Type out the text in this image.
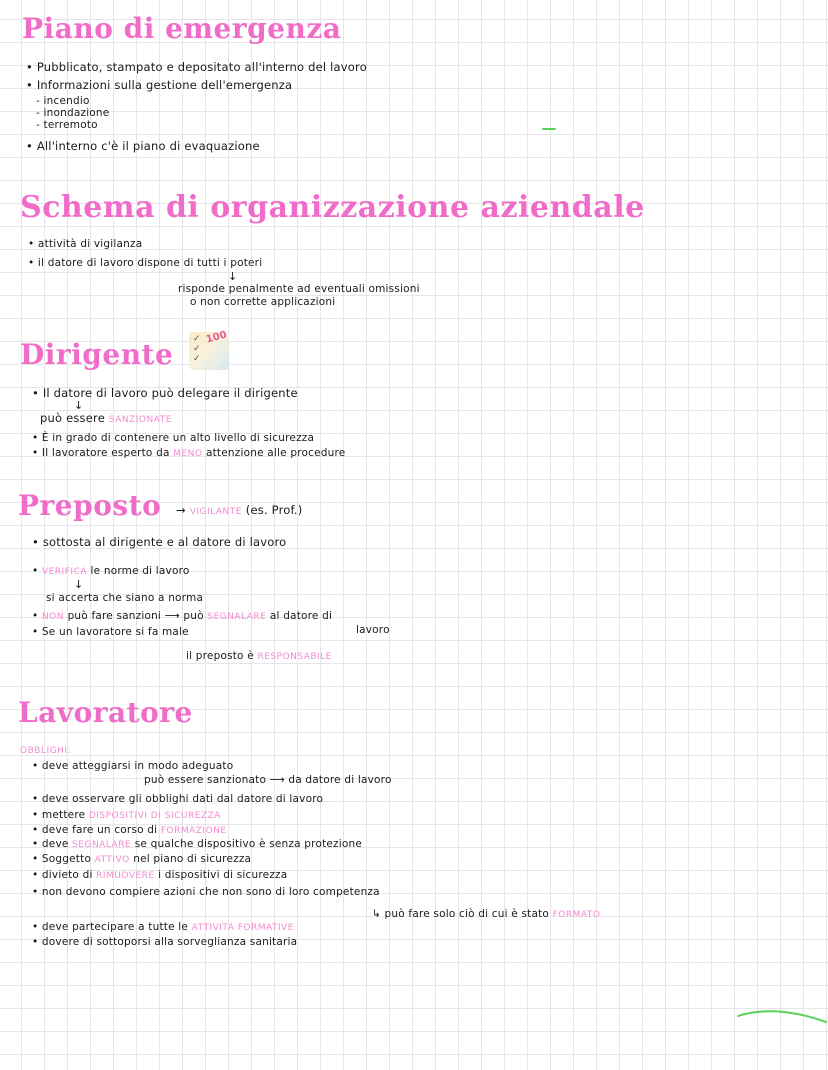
Piano di emergenza
• Pubblicato, stampato e depositato all'interno del lavoro
• Informazioni sulla gestione dell'emergenza
- incendio
- inondazione
- terremoto
• All'interno c'è il piano di evaquazione
Schema di organizzazione aziendale
• attività di vigilanza
• il datore di lavoro dispone di tutti i poteri
↓
risponde penalmente ad eventuali omissioni
o non corrette applicazioni
Dirigente ✓
✓
✓
100
• Il datore di lavoro può delegare il dirigente
↓
può essere SANZIONATE
• È in grado di contenere un alto livello di sicurezza
• Il lavoratore esperto da MENO attenzione alle procedure
Preposto → VIGILANTE (es. Prof.)
• sottosta al dirigente e al datore di lavoro
• VERIFICA le norme di lavoro
↓
si accerta che siano a norma
• NON può fare sanzioni ⟶ può SEGNALARE al datore di
lavoro
• Se un lavoratore si fa male
il preposto è RESPONSABILE
Lavoratore
OBBLIGHI:
• deve atteggiarsi in modo adeguato
può essere sanzionato ⟶ da datore di lavoro
• deve osservare gli obblighi dati dal datore di lavoro
• mettere DISPOSITIVI DI SICUREZZA
• deve fare un corso di FORMAZIONE
• deve SEGNALARE se qualche dispositivo è senza protezione
• Soggetto ATTIVO nel piano di sicurezza
• divieto di RIMUOVERE i dispositivi di sicurezza
• non devono compiere azioni che non sono di loro competenza
↳ può fare solo ciò di cui è stato FORMATO
• deve partecipare a tutte le ATTIVITÀ FORMATIVE
• dovere di sottoporsi alla sorveglianza sanitaria
